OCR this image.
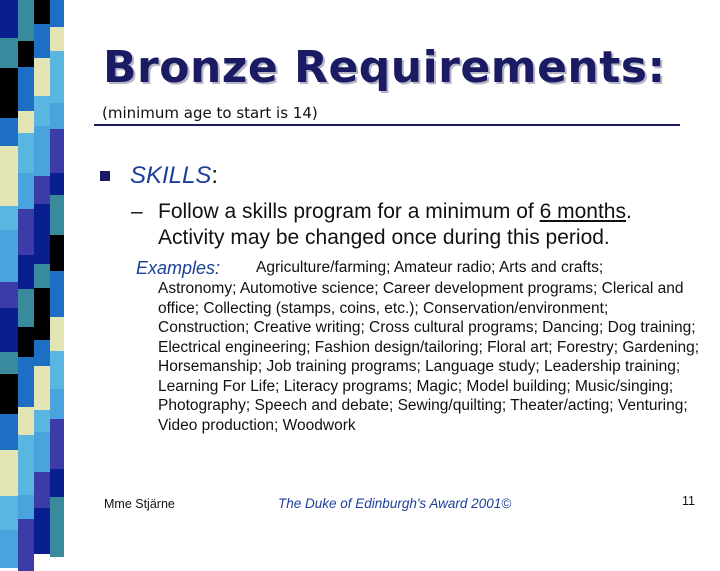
Bronze Requirements:
(minimum age to start is 14)
SKILLS:
– Follow a skills program for a minimum of 6 months.
Activity may be changed once during this period.
Examples: Agriculture/farming; Amateur radio; Arts and crafts;
Astronomy; Automotive science; Career development programs; Clerical and office; Collecting (stamps, coins, etc.); Conservation/environment; Construction; Creative writing; Cross cultural programs; Dancing; Dog training; Electrical engineering; Fashion design/tailoring; Floral art; Forestry; Gardening; Horsemanship; Job training programs; Language study; Leadership training; Learning For Life; Literacy programs; Magic; Model building; Music/singing; Photography; Speech and debate; Sewing/quilting; Theater/acting; Venturing; Video production; Woodwork
Mme Stjärne	The Duke of Edinburgh's Award 2001©	11
